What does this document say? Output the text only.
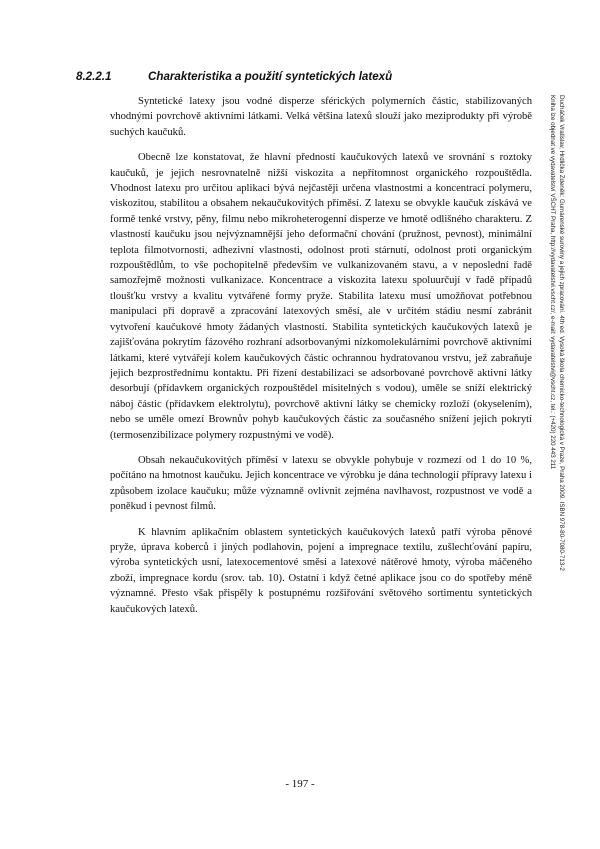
8.2.2.1	Charakteristika a použití syntetických latexů

Syntetické latexy jsou vodné disperze sférických polymerních částic, stabilizovaných vhodnými povrchově aktivními látkami. Velká většina latexů slouží jako meziprodukty při výrobě suchých kaučuků.

Obecně lze konstatovat, že hlavní předností kaučukových latexů ve srovnání s roztoky kaučuků, je jejich nesrovnatelně nižší viskozita a nepřítomnost organického rozpouštědla. Vhodnost latexu pro určitou aplikaci bývá nejčastěji určena vlastnostmi a koncentrací polymeru, viskozitou, stabilitou a obsahem nekaučukovitých příměsí. Z latexu se obvykle kaučuk získává ve formě tenké vrstvy, pěny, filmu nebo mikroheterogenní disperze ve hmotě odlišného charakteru. Z vlastností kaučuku jsou nejvýznamnější jeho deformační chování (pružnost, pevnost), minimální teplota filmotvornosti, adhezivní vlastnosti, odolnost proti stárnutí, odolnost proti organickým rozpouštědlům, to vše pochopitelně především ve vulkanizovaném stavu, a v neposlední řadě samozřejmě možnosti vulkanizace. Koncentrace a viskozita latexu spoluurčují v řadě případů tloušťku vrstvy a kvalitu vytvářené formy pryže. Stabilita latexu musí umožňovat potřebnou manipulaci při dopravě a zpracování latexových směsí, ale v určitém stádiu nesmí zabránit vytvoření kaučukové hmoty žádaných vlastností. Stabilita syntetických kaučukových latexů je zajišťována pokrytím fázového rozhraní adsorbovanými nízkomolekulárními povrchově aktivními látkami, které vytvářejí kolem kaučukových částic ochrannou hydratovanou vrstvu, jež zabraňuje jejich bezprostřednímu kontaktu. Při řízení destabilizaci se adsorbované povrchově aktivní látky desorbují (přídavkem organických rozpouštědel mísitelných s vodou), uměle se sníží elektrický náboj částic (přídavkem elektrolytu), povrchově aktivní látky se chemicky rozloží (okyselením), nebo se uměle omezí Brownův pohyb kaučukových částic za současného snížení jejich pokrytí (termosenzibilizace polymery rozpustnými ve vodě).

Obsah nekaučukovitých příměsí v latexu se obvykle pohybuje v rozmezí od 1 do 10 %, počítáno na hmotnost kaučuku. Jejich koncentrace ve výrobku je dána technologií přípravy latexu i způsobem izolace kaučuku; může významně ovlivnit zejména navlhavost, rozpustnost ve vodě a poněkud i pevnost filmů.

K hlavním aplikačním oblastem syntetických kaučukových latexů patří výroba pěnové pryže, úprava koberců i jiných podlahovin, pojení a impregnace textilu, zušlechťování papíru, výroba syntetických usní, latexocementové směsi a latexové nátěrové hmoty, výroba máčeného zboží, impregnace kordu (srov. tab. 10). Ostatní i když četné aplikace jsou co do spotřeby méně významné. Přesto však přispěly k postupnému rozšiřování světového sortimentu syntetických kaučukových latexů.

- 197 -
Ducháček Vratislav, Hrdlička Zdeněk: Gumárenské suroviny a jejich zpracování. 4th ed. Vysoká škola chemicko-technologická v Praze, Praha 2009. ISBN 978-80-7080-713-2
Kniha lze objednat ve vydavatelství VŠCHT Praha, http://vydavatelstvi.vscht.cz/, e-mail: vydavatelstvi@vscht.cz, tel.: (+420) 220 443 211
